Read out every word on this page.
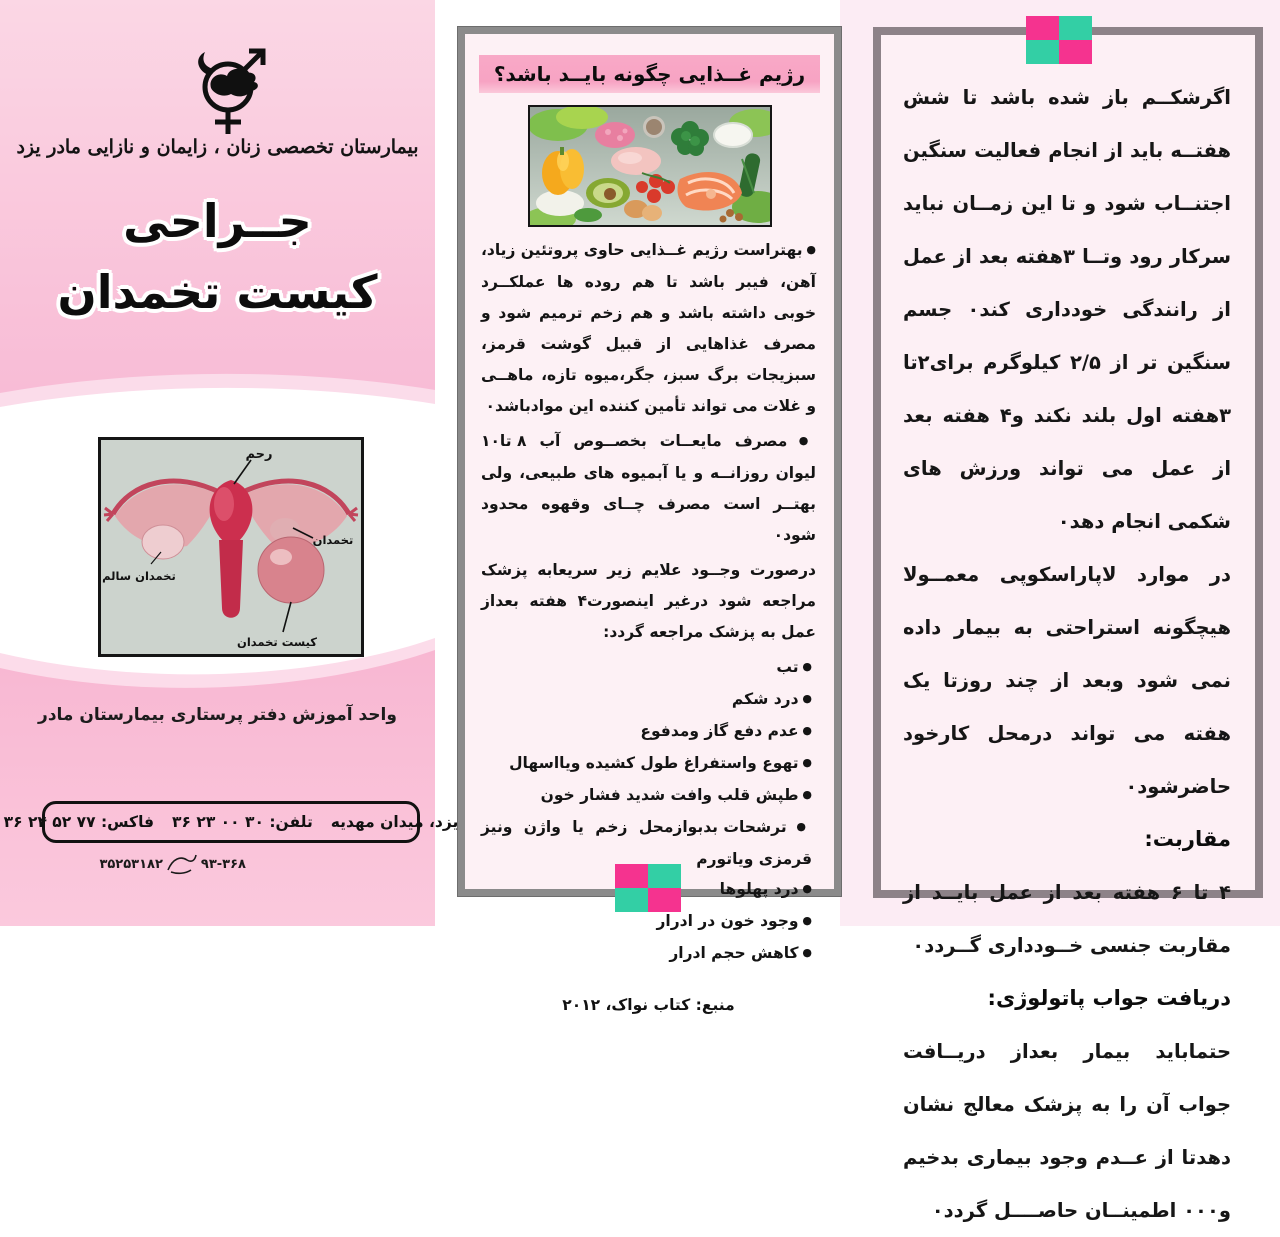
بیمارستان تخصصی زنان ، زایمان و نازایی مادر یزد
جــراحی
کیست تخمدان
رحم
تخمدان سالم
تخمدان
کیست تخمدان
واحد آموزش دفتر پرستاری بیمارستان مادر
یزد، میدان مهدیه
تلفن: ۳۶ ۲۳ ۰۰ ۳۰
فاکس: ۳۶ ۲۴ ۵۲ ۷۷
۹۳-۳۶۸
۳۵۲۵۳۱۸۲
رژیم غــذایی چگونه بایــد باشد؟

● بهتراست رژیم غــذایی حاوی پروتئین زیاد، آهن، فیبر باشد تا هم روده ها عملکــرد خوبی داشته باشد و هم زخم ترمیم شود و مصرف غذاهایی از قبیل گوشت قرمز، سبزیجات برگ سبز، جگر،میوه تازه، ماهــی و غلات می تواند تأمین کننده این موادباشد۰

● مصرف مایعــات بخصــوص آب ۸ تا۱۰ لیوان روزانــه و یا آبمیوه های طبیعی، ولی بهتــر است مصرف چــای وقهوه محدود شود۰

درصورت وجــود علایم زیر سریعابه پزشک مراجعه شود درغیر اینصورت۴ هفته بعداز عمل به پزشک مراجعه گردد:

● تب
● درد شکم
● عدم دفع گاز ومدفوع
● تهوع واستفراغ طول کشیده ویااسهال
● طپش قلب وافت شدید فشار خون
● ترشحات بدبوازمحل زخم یا واژن ونیز قرمزی ویاتورم
● درد پهلوها
● وجود خون در ادرار
● کاهش حجم ادرار
منبع: کتاب نواک، ۲۰۱۲

اگرشکــم باز شده باشد تا شش هفتــه باید از انجام فعالیت سنگین اجتنــاب شود و تا این زمــان نباید سرکار رود وتــا ۳هفته بعد از عمل از رانندگی خودداری کند۰ جسم سنگین تر از ۲/۵ کیلوگرم برای۲تا ۳هفته اول بلند نکند و۴ هفته بعد از عمل می تواند ورزش های شکمی انجام دهد۰

در موارد لاپاراسکوپی معمــولا هیچگونه استراحتی به بیمار داده نمی شود وبعد از چند روزتا یک هفته می تواند درمحل کارخود حاضرشود۰

مقاربت:

۴ تا ۶ هفته بعد از عمل بایــد از مقاربت جنسی خــودداری گــردد۰

دریافت جواب پاتولوژی:

حتماباید بیمار بعداز دریــافت جواب آن را به پزشک معالج نشان دهدتا از عــدم وجود بیماری بدخیم و۰۰۰ اطمینــان حاصــــل گردد۰
